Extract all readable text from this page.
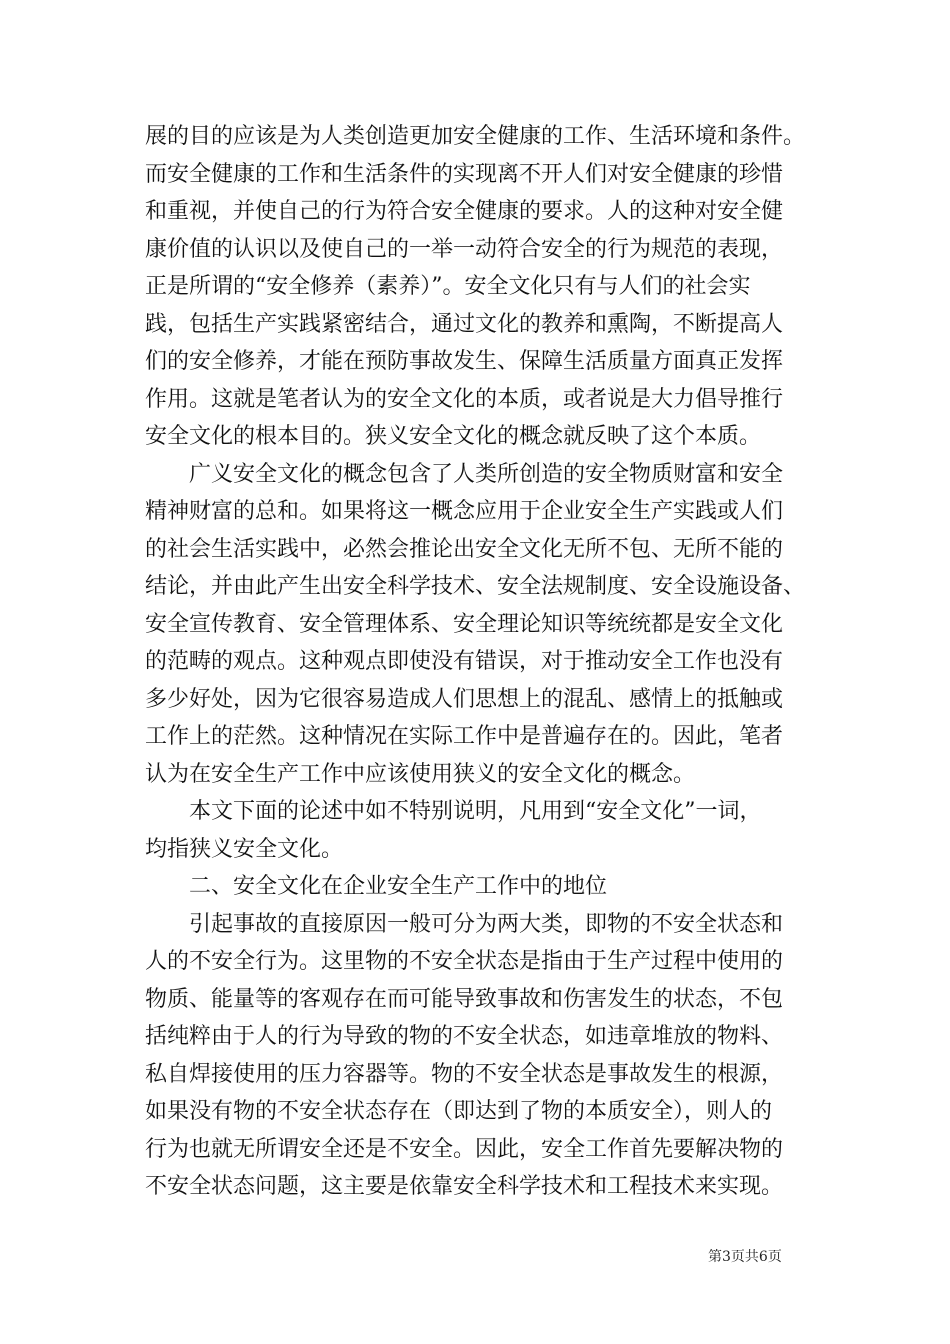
展的目的应该是为人类创造更加安全健康的工作、生活环境和条件。
而安全健康的工作和生活条件的实现离不开人们对安全健康的珍惜
和重视，并使自己的行为符合安全健康的要求。人的这种对安全健
康价值的认识以及使自己的一举一动符合安全的行为规范的表现，
正是所谓的“安全修养（素养）”。安全文化只有与人们的社会实
践，包括生产实践紧密结合，通过文化的教养和熏陶，不断提高人
们的安全修养，才能在预防事故发生、保障生活质量方面真正发挥
作用。这就是笔者认为的安全文化的本质，或者说是大力倡导推行
安全文化的根本目的。狭义安全文化的概念就反映了这个本质。
广义安全文化的概念包含了人类所创造的安全物质财富和安全
精神财富的总和。如果将这一概念应用于企业安全生产实践或人们
的社会生活实践中，必然会推论出安全文化无所不包、无所不能的
结论，并由此产生出安全科学技术、安全法规制度、安全设施设备、
安全宣传教育、安全管理体系、安全理论知识等统统都是安全文化
的范畴的观点。这种观点即使没有错误，对于推动安全工作也没有
多少好处，因为它很容易造成人们思想上的混乱、感情上的抵触或
工作上的茫然。这种情况在实际工作中是普遍存在的。因此，笔者
认为在安全生产工作中应该使用狭义的安全文化的概念。
本文下面的论述中如不特别说明，凡用到“安全文化”一词，
均指狭义安全文化。
二、安全文化在企业安全生产工作中的地位
引起事故的直接原因一般可分为两大类，即物的不安全状态和
人的不安全行为。这里物的不安全状态是指由于生产过程中使用的
物质、能量等的客观存在而可能导致事故和伤害发生的状态，不包
括纯粹由于人的行为导致的物的不安全状态，如违章堆放的物料、
私自焊接使用的压力容器等。物的不安全状态是事故发生的根源，
如果没有物的不安全状态存在（即达到了物的本质安全），则人的
行为也就无所谓安全还是不安全。因此，安全工作首先要解决物的
不安全状态问题，这主要是依靠安全科学技术和工程技术来实现。
第3页共6页
